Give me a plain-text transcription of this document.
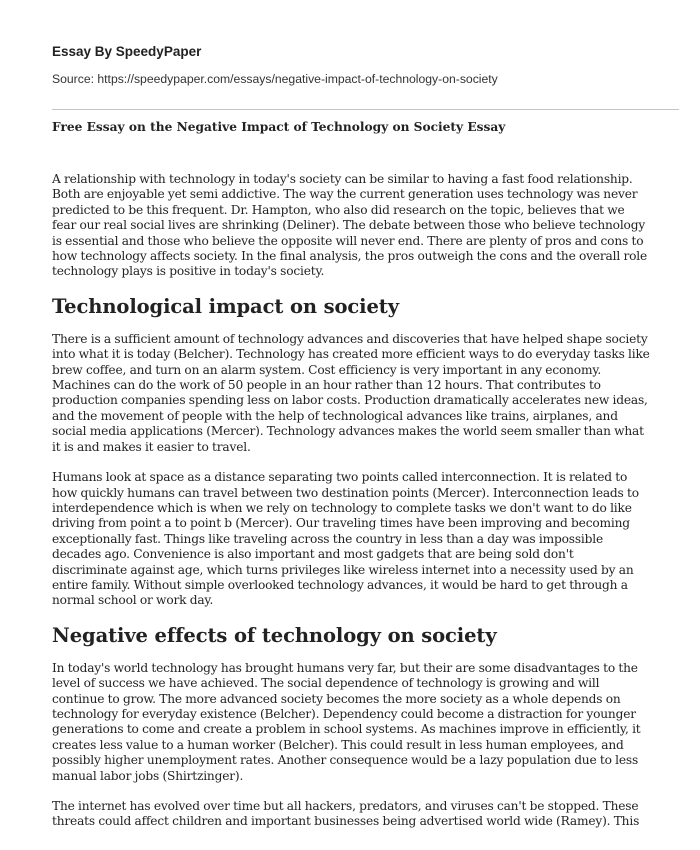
Essay By SpeedyPaper

Source: https://speedypaper.com/essays/negative-impact-of-technology-on-society

Free Essay on the Negative Impact of Technology on Society Essay

A relationship with technology in today's society can be similar to having a fast food relationship. Both are enjoyable yet semi addictive. The way the current generation uses technology was never predicted to be this frequent. Dr. Hampton, who also did research on the topic, believes that we fear our real social lives are shrinking (Deliner). The debate between those who believe technology is essential and those who believe the opposite will never end. There are plenty of pros and cons to how technology affects society. In the final analysis, the pros outweigh the cons and the overall role technology plays is positive in today's society.

Technological impact on society

There is a sufficient amount of technology advances and discoveries that have helped shape society into what it is today (Belcher). Technology has created more efficient ways to do everyday tasks like brew coffee, and turn on an alarm system. Cost efficiency is very important in any economy. Machines can do the work of 50 people in an hour rather than 12 hours. That contributes to production companies spending less on labor costs. Production dramatically accelerates new ideas, and the movement of people with the help of technological advances like trains, airplanes, and social media applications (Mercer). Technology advances makes the world seem smaller than what it is and makes it easier to travel.

Humans look at space as a distance separating two points called interconnection. It is related to how quickly humans can travel between two destination points (Mercer). Interconnection leads to interdependence which is when we rely on technology to complete tasks we don't want to do like driving from point a to point b (Mercer). Our traveling times have been improving and becoming exceptionally fast. Things like traveling across the country in less than a day was impossible decades ago. Convenience is also important and most gadgets that are being sold don't discriminate against age, which turns privileges like wireless internet into a necessity used by an entire family. Without simple overlooked technology advances, it would be hard to get through a normal school or work day.

Negative effects of technology on society

In today's world technology has brought humans very far, but their are some disadvantages to the level of success we have achieved. The social dependence of technology is growing and will continue to grow. The more advanced society becomes the more society as a whole depends on technology for everyday existence (Belcher). Dependency could become a distraction for younger generations to come and create a problem in school systems. As machines improve in efficiently, it creates less value to a human worker (Belcher). This could result in less human employees, and possibly higher unemployment rates. Another consequence would be a lazy population due to less manual labor jobs (Shirtzinger).

The internet has evolved over time but all hackers, predators, and viruses can't be stopped. These threats could affect children and important businesses being advertised world wide (Ramey). This
